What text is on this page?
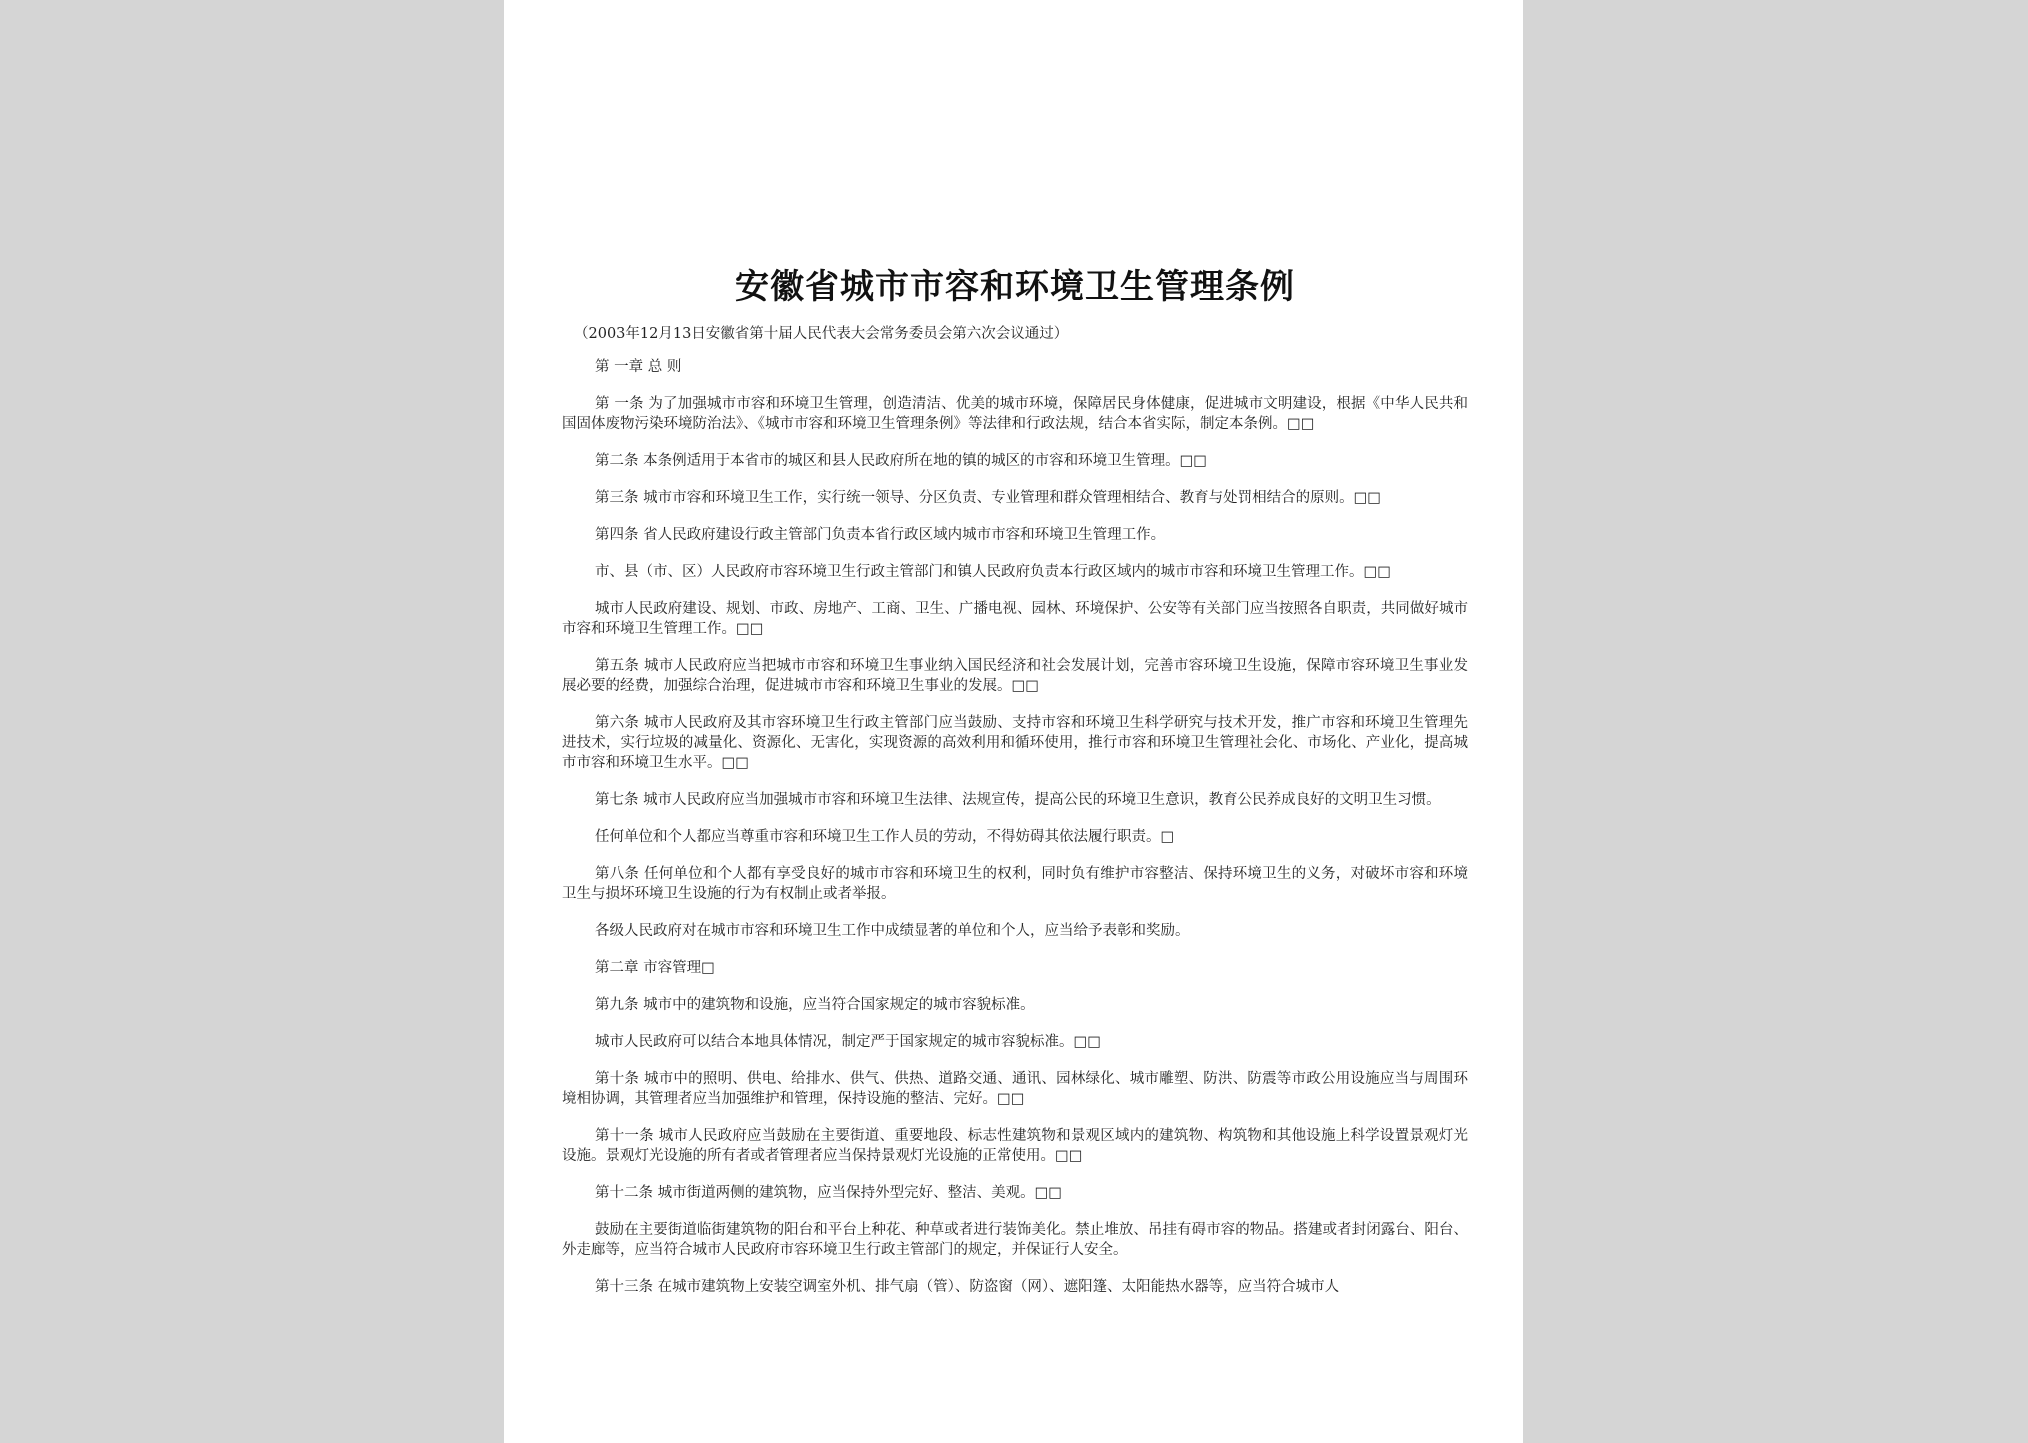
安徽省城市市容和环境卫生管理条例

（2003年12月13日安徽省第十届人民代表大会常务委员会第六次会议通过）

第 一章 总 则

第 一条 为了加强城市市容和环境卫生管理，创造清洁、优美的城市环境，保障居民身体健康，促进城市文明建设，根据《中华人民共和国固体废物污染环境防治法》、《城市市容和环境卫生管理条例》等法律和行政法规，结合本省实际，制定本条例。□□

第二条 本条例适用于本省市的城区和县人民政府所在地的镇的城区的市容和环境卫生管理。□□

第三条 城市市容和环境卫生工作，实行统一领导、分区负责、专业管理和群众管理相结合、教育与处罚相结合的原则。□□

第四条 省人民政府建设行政主管部门负责本省行政区域内城市市容和环境卫生管理工作。

市、县（市、区）人民政府市容环境卫生行政主管部门和镇人民政府负责本行政区域内的城市市容和环境卫生管理工作。□□

城市人民政府建设、规划、市政、房地产、工商、卫生、广播电视、园林、环境保护、公安等有关部门应当按照各自职责，共同做好城市市容和环境卫生管理工作。□□

第五条 城市人民政府应当把城市市容和环境卫生事业纳入国民经济和社会发展计划，完善市容环境卫生设施，保障市容环境卫生事业发展必要的经费，加强综合治理，促进城市市容和环境卫生事业的发展。□□

第六条 城市人民政府及其市容环境卫生行政主管部门应当鼓励、支持市容和环境卫生科学研究与技术开发，推广市容和环境卫生管理先进技术，实行垃圾的减量化、资源化、无害化，实现资源的高效利用和循环使用，推行市容和环境卫生管理社会化、市场化、产业化，提高城市市容和环境卫生水平。□□

第七条 城市人民政府应当加强城市市容和环境卫生法律、法规宣传，提高公民的环境卫生意识，教育公民养成良好的文明卫生习惯。

任何单位和个人都应当尊重市容和环境卫生工作人员的劳动，不得妨碍其依法履行职责。□

第八条 任何单位和个人都有享受良好的城市市容和环境卫生的权利，同时负有维护市容整洁、保持环境卫生的义务，对破坏市容和环境卫生与损坏环境卫生设施的行为有权制止或者举报。

各级人民政府对在城市市容和环境卫生工作中成绩显著的单位和个人，应当给予表彰和奖励。

第二章 市容管理□

第九条 城市中的建筑物和设施，应当符合国家规定的城市容貌标准。

城市人民政府可以结合本地具体情况，制定严于国家规定的城市容貌标准。□□

第十条 城市中的照明、供电、给排水、供气、供热、道路交通、通讯、园林绿化、城市雕塑、防洪、防震等市政公用设施应当与周围环境相协调，其管理者应当加强维护和管理，保持设施的整洁、完好。□□

第十一条 城市人民政府应当鼓励在主要街道、重要地段、标志性建筑物和景观区域内的建筑物、构筑物和其他设施上科学设置景观灯光设施。景观灯光设施的所有者或者管理者应当保持景观灯光设施的正常使用。□□

第十二条 城市街道两侧的建筑物，应当保持外型完好、整洁、美观。□□

鼓励在主要街道临街建筑物的阳台和平台上种花、种草或者进行装饰美化。禁止堆放、吊挂有碍市容的物品。搭建或者封闭露台、阳台、外走廊等，应当符合城市人民政府市容环境卫生行政主管部门的规定，并保证行人安全。

第十三条 在城市建筑物上安装空调室外机、排气扇（管）、防盗窗（网）、遮阳篷、太阳能热水器等，应当符合城市人
